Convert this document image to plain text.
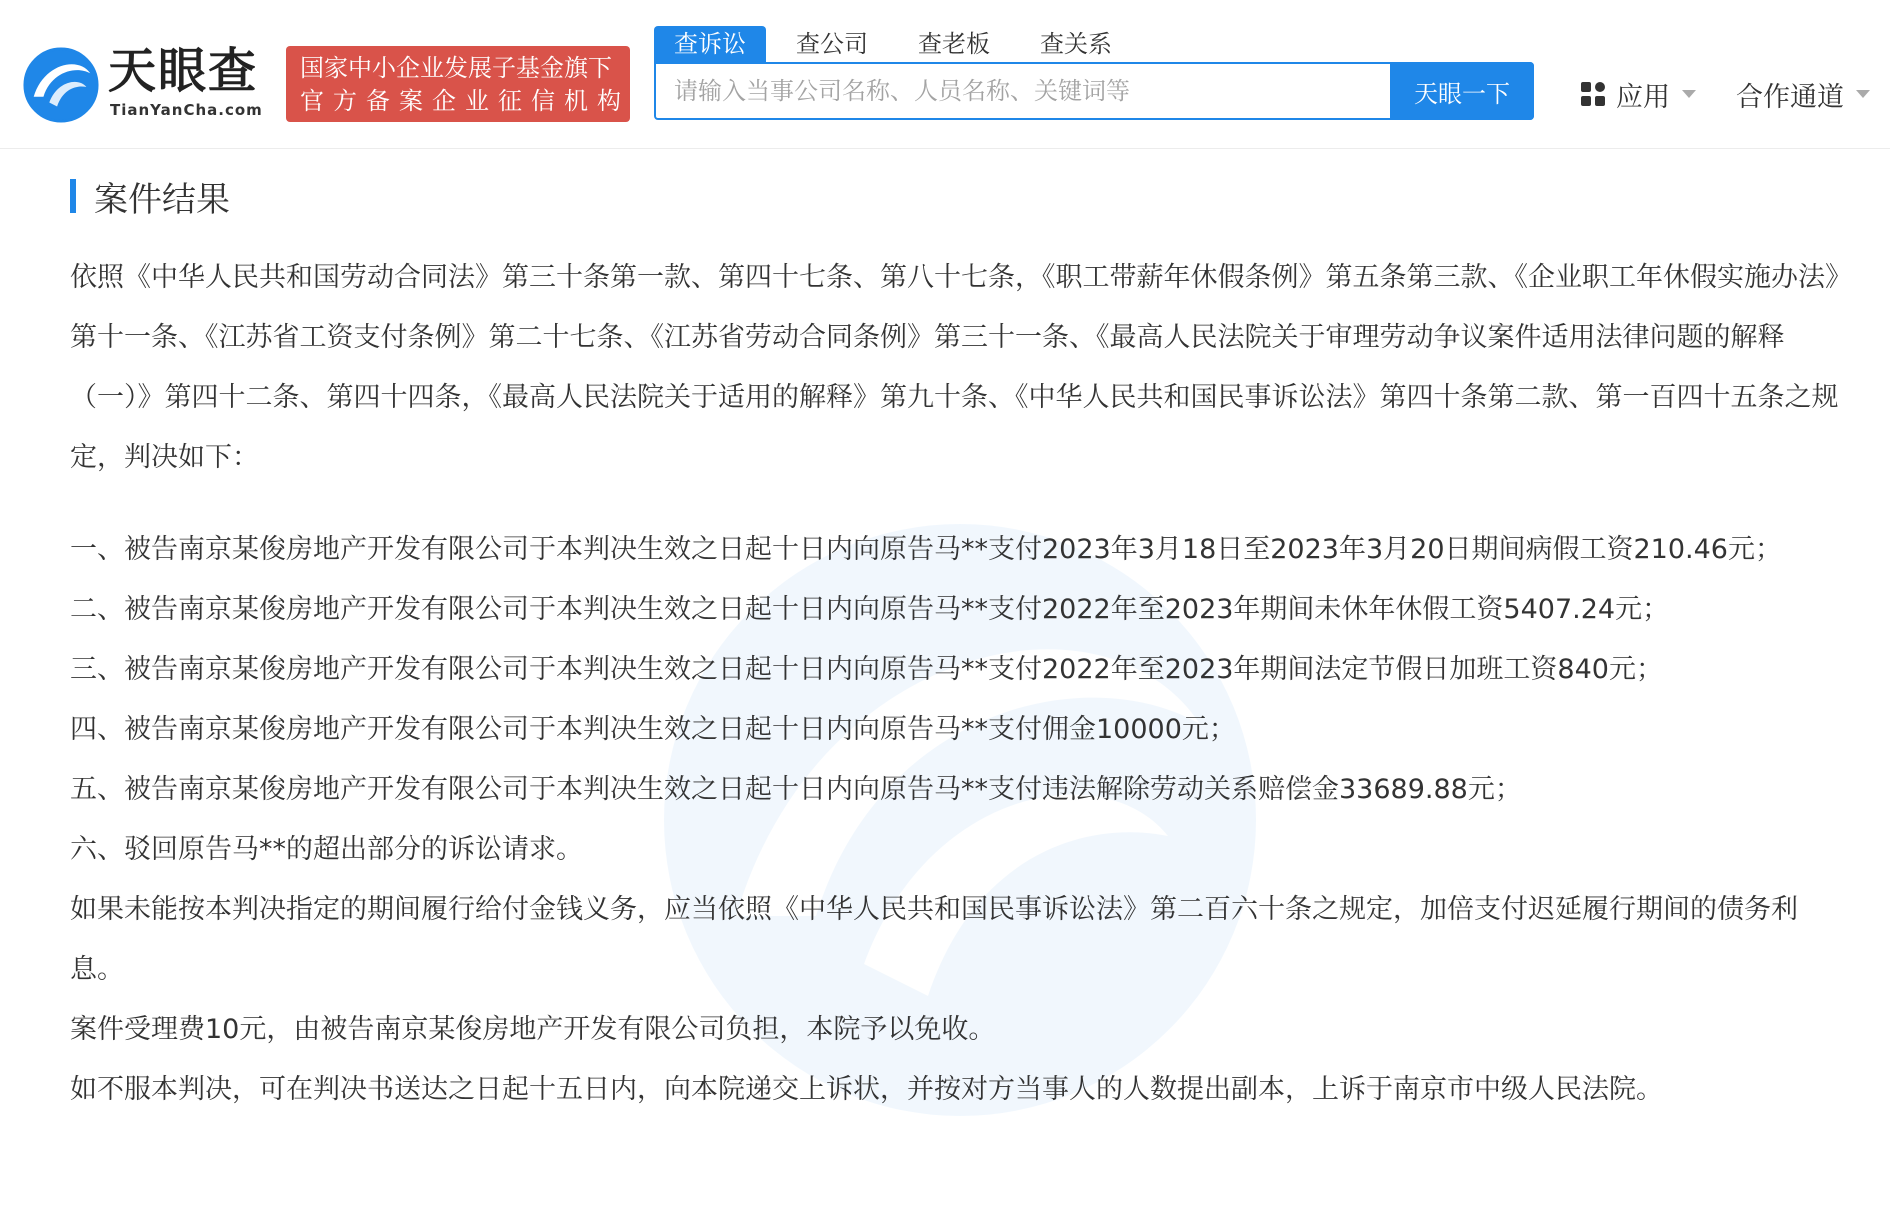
天眼查
TianYanCha.com
国家中小企业发展子基金旗下
官方备案企业征信机构
查诉讼	查公司	查老板	查关系
请输入当事公司名称、人员名称、关键词等
天眼一下	应用 合作通道
案件结果

依照《中华人民共和国劳动合同法》第三十条第一款、第四十七条、第八十七条，《职工带薪年休假条例》第五条第三款、《企业职工年休假实施办法》第十一条、《江苏省工资支付条例》第二十七条、《江苏省劳动合同条例》第三十一条、《最高人民法院关于审理劳动争议案件适用法律问题的解释（一）》第四十二条、第四十四条，《最高人民法院关于适用的解释》第九十条、《中华人民共和国民事诉讼法》第四十条第二款、第一百四十五条之规定，判决如下：

一、被告南京某俊房地产开发有限公司于本判决生效之日起十日内向原告马**支付2023年3月18日至2023年3月20日期间病假工资210.46元；

二、被告南京某俊房地产开发有限公司于本判决生效之日起十日内向原告马**支付2022年至2023年期间未休年休假工资5407.24元；

三、被告南京某俊房地产开发有限公司于本判决生效之日起十日内向原告马**支付2022年至2023年期间法定节假日加班工资840元；

四、被告南京某俊房地产开发有限公司于本判决生效之日起十日内向原告马**支付佣金10000元；

五、被告南京某俊房地产开发有限公司于本判决生效之日起十日内向原告马**支付违法解除劳动关系赔偿金33689.88元；

六、驳回原告马**的超出部分的诉讼请求。

如果未能按本判决指定的期间履行给付金钱义务，应当依照《中华人民共和国民事诉讼法》第二百六十条之规定，加倍支付迟延履行期间的债务利息。

案件受理费10元，由被告南京某俊房地产开发有限公司负担，本院予以免收。

如不服本判决，可在判决书送达之日起十五日内，向本院递交上诉状，并按对方当事人的人数提出副本，上诉于南京市中级人民法院。
